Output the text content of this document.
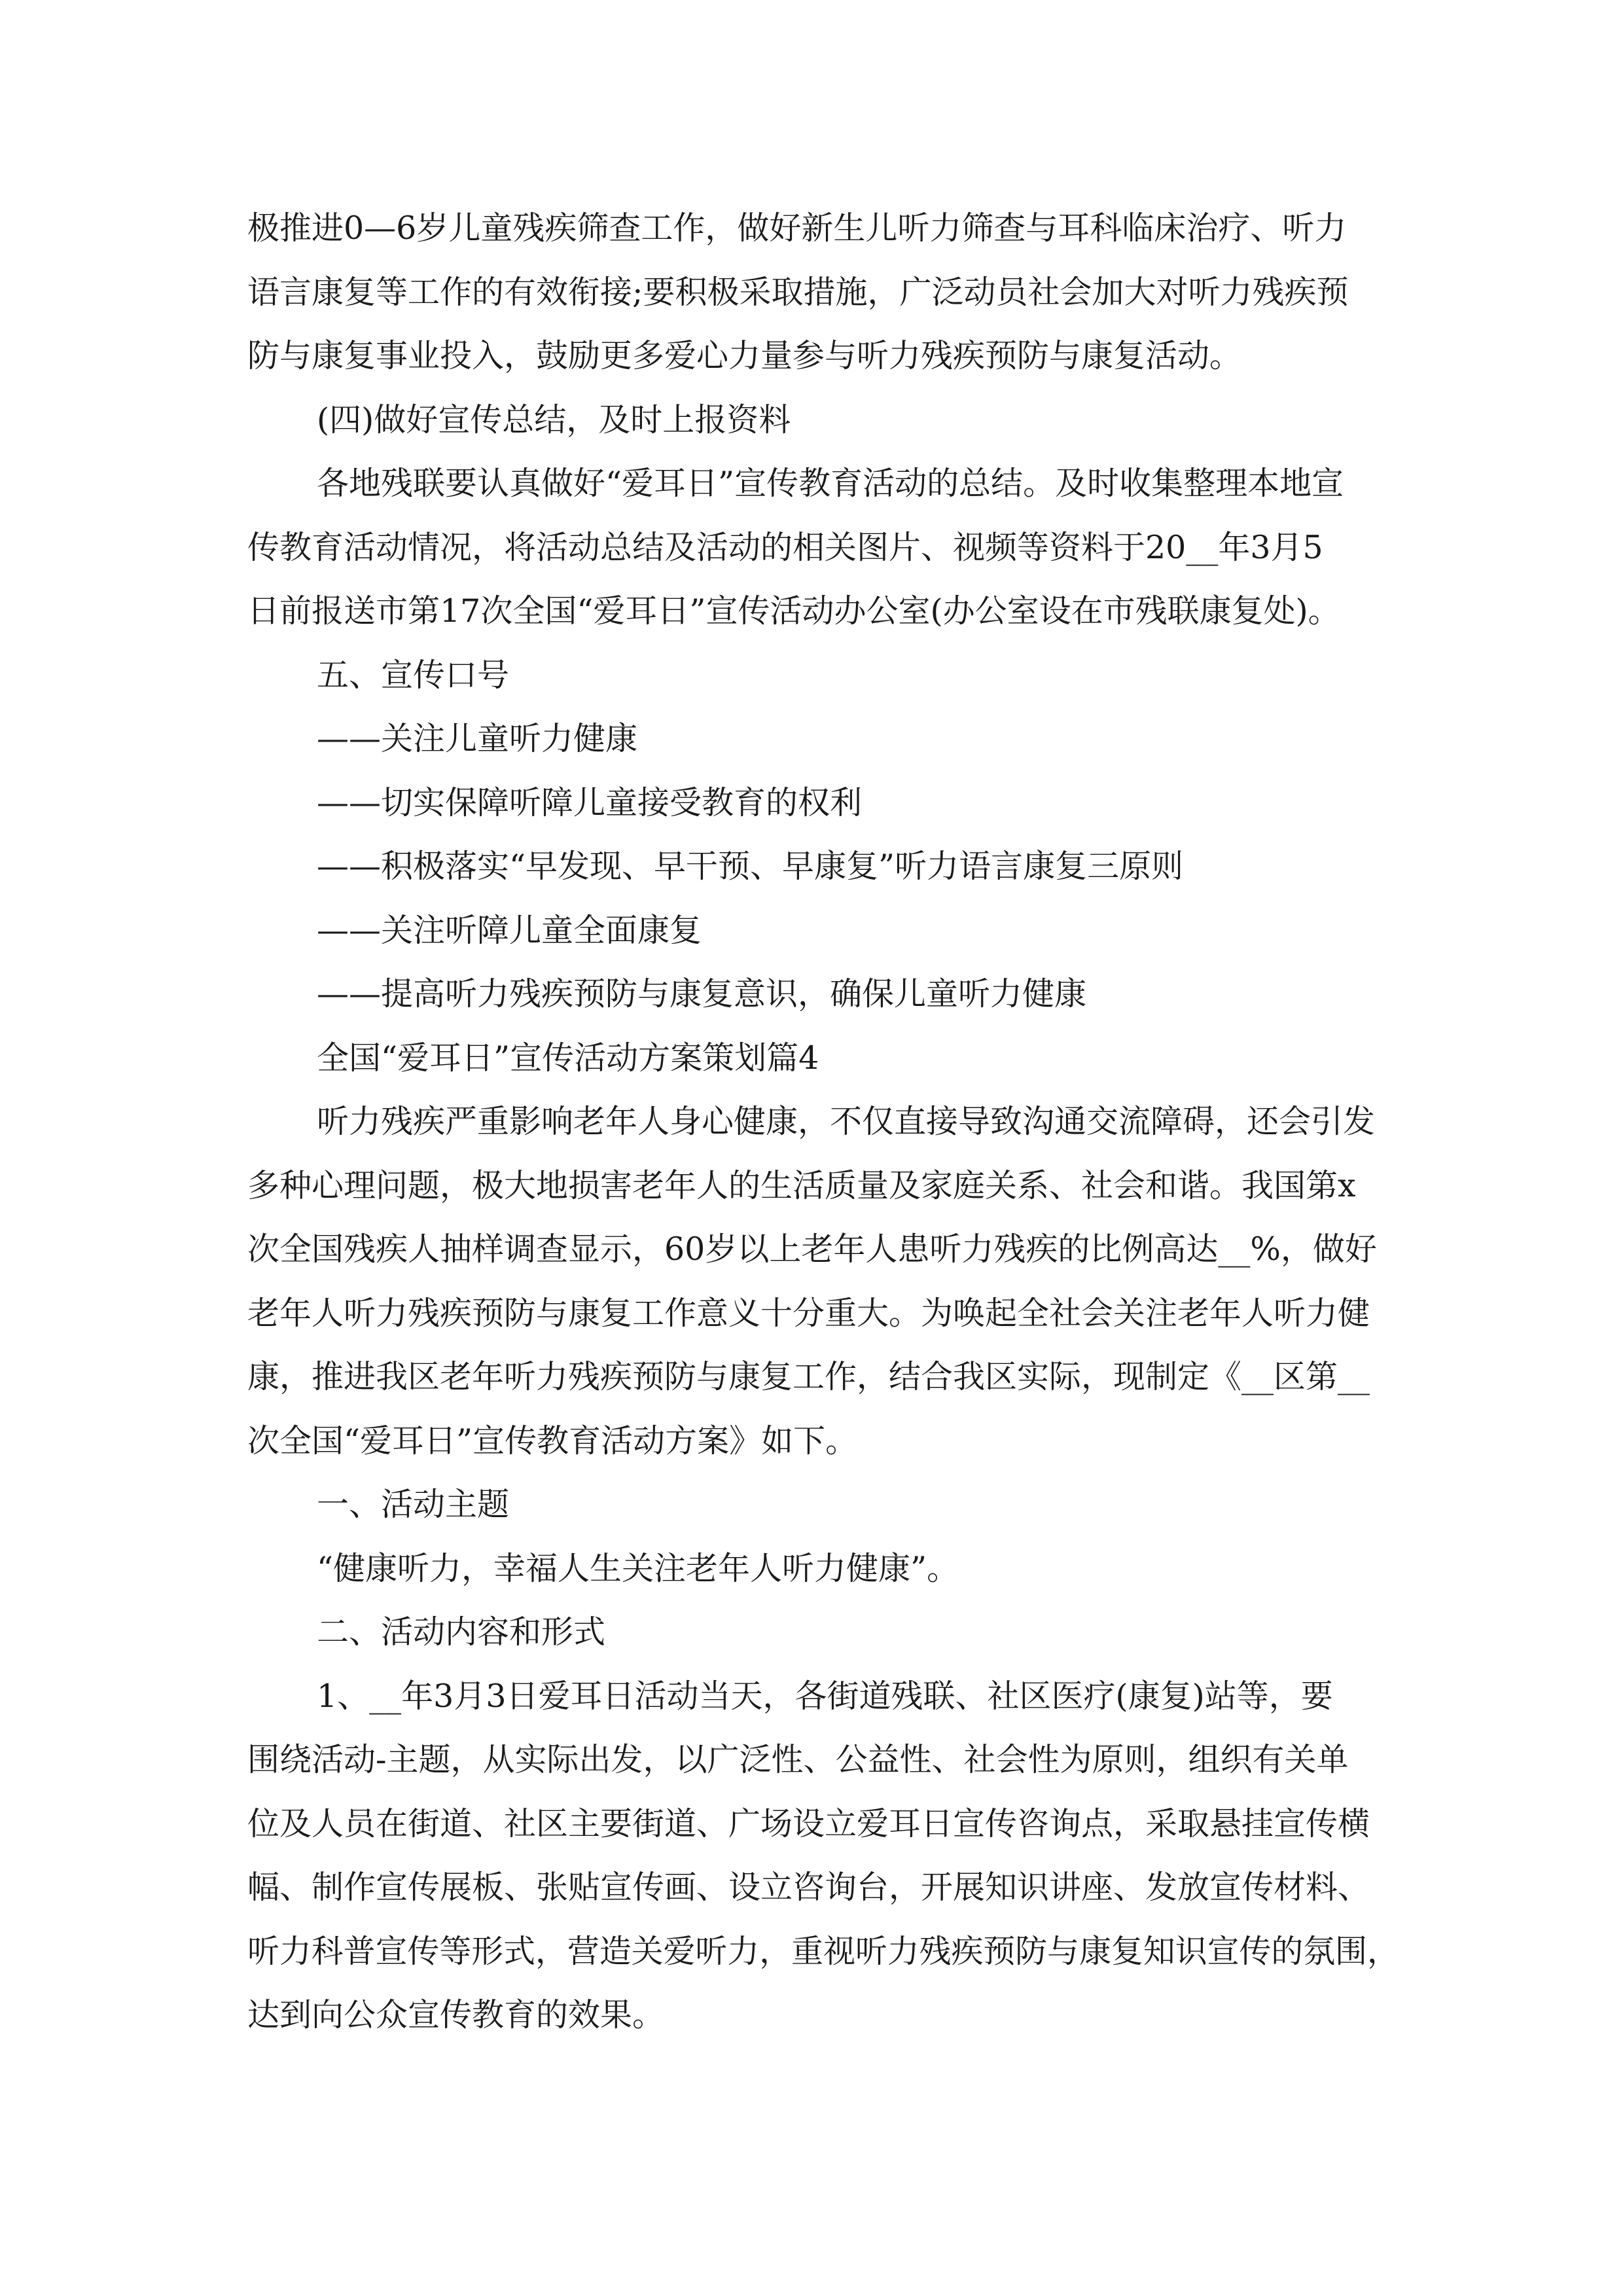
极推进0—6岁儿童残疾筛查工作，做好新生儿听力筛查与耳科临床治疗、听力
语言康复等工作的有效衔接;要积极采取措施，广泛动员社会加大对听力残疾预
防与康复事业投入，鼓励更多爱心力量参与听力残疾预防与康复活动。
(四)做好宣传总结，及时上报资料
各地残联要认真做好“爱耳日”宣传教育活动的总结。及时收集整理本地宣
传教育活动情况，将活动总结及活动的相关图片、视频等资料于20__年3月5
日前报送市第17次全国“爱耳日”宣传活动办公室(办公室设在市残联康复处)。
五、宣传口号
——关注儿童听力健康
——切实保障听障儿童接受教育的权利
——积极落实“早发现、早干预、早康复”听力语言康复三原则
——关注听障儿童全面康复
——提高听力残疾预防与康复意识，确保儿童听力健康
全国“爱耳日”宣传活动方案策划篇4
听力残疾严重影响老年人身心健康，不仅直接导致沟通交流障碍，还会引发
多种心理问题，极大地损害老年人的生活质量及家庭关系、社会和谐。我国第x
次全国残疾人抽样调查显示，60岁以上老年人患听力残疾的比例高达__%，做好
老年人听力残疾预防与康复工作意义十分重大。为唤起全社会关注老年人听力健
康，推进我区老年听力残疾预防与康复工作，结合我区实际，现制定《__区第__
次全国“爱耳日”宣传教育活动方案》如下。
一、活动主题
“健康听力，幸福人生关注老年人听力健康”。
二、活动内容和形式
1、__年3月3日爱耳日活动当天，各街道残联、社区医疗(康复)站等，要
围绕活动-主题，从实际出发，以广泛性、公益性、社会性为原则，组织有关单
位及人员在街道、社区主要街道、广场设立爱耳日宣传咨询点，采取悬挂宣传横
幅、制作宣传展板、张贴宣传画、设立咨询台，开展知识讲座、发放宣传材料、
听力科普宣传等形式，营造关爱听力，重视听力残疾预防与康复知识宣传的氛围，
达到向公众宣传教育的效果。
